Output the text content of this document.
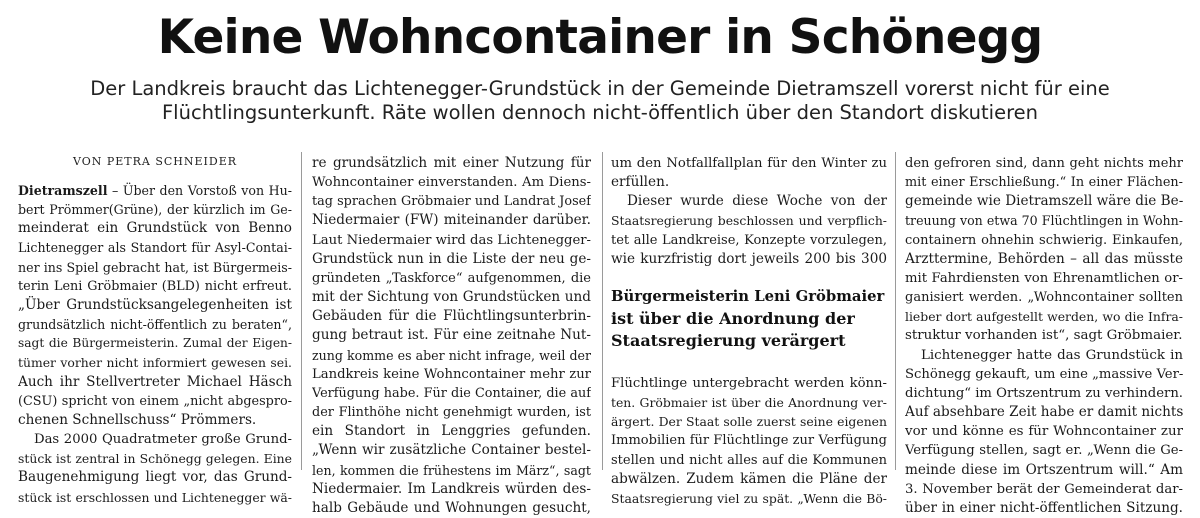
Keine Wohncontainer in Schönegg
Der Landkreis braucht das Lichtenegger-Grundstück in der Gemeinde Dietramszell vorerst nicht für eine
Flüchtlingsunterkunft. Räte wollen dennoch nicht-öffentlich über den Standort diskutieren
VON PETRA SCHNEIDER
Dietramszell – Über den Vorstoß von Hu-
bert Prömmer(Grüne), der kürzlich im Ge-
meinderat ein Grundstück von Benno
Lichtenegger als Standort für Asyl-Contai-
ner ins Spiel gebracht hat, ist Bürgermeis-
terin Leni Gröbmaier (BLD) nicht erfreut.
„Über Grundstücksangelegenheiten ist
grundsätzlich nicht-öffentlich zu beraten“,
sagt die Bürgermeisterin. Zumal der Eigen-
tümer vorher nicht informiert gewesen sei.
Auch ihr Stellvertreter Michael Häsch
(CSU) spricht von einem „nicht abgespro-
chenen Schnellschuss“ Prömmers.
Das 2000 Quadratmeter große Grund-
stück ist zentral in Schönegg gelegen. Eine
Baugenehmigung liegt vor, das Grund-
stück ist erschlossen und Lichtenegger wä-
re grundsätzlich mit einer Nutzung für
Wohncontainer einverstanden. Am Diens-
tag sprachen Gröbmaier und Landrat Josef
Niedermaier (FW) miteinander darüber.
Laut Niedermaier wird das Lichtenegger-
Grundstück nun in die Liste der neu ge-
gründeten „Taskforce“ aufgenommen, die
mit der Sichtung von Grundstücken und
Gebäuden für die Flüchtlingsunterbrin-
gung betraut ist. Für eine zeitnahe Nut-
zung komme es aber nicht infrage, weil der
Landkreis keine Wohncontainer mehr zur
Verfügung habe. Für die Container, die auf
der Flinthöhe nicht genehmigt wurden, ist
ein Standort in Lenggries gefunden.
„Wenn wir zusätzliche Container bestel-
len, kommen die frühestens im März“, sagt
Niedermaier. Im Landkreis würden des-
halb Gebäude und Wohnungen gesucht,
um den Notfallfallplan für den Winter zu
erfüllen.
Dieser wurde diese Woche von der
Staatsregierung beschlossen und verpflich-
tet alle Landkreise, Konzepte vorzulegen,
wie kurzfristig dort jeweils 200 bis 300
Bürgermeisterin Leni Gröbmaier
ist über die Anordnung der
Staatsregierung verärgert
Flüchtlinge untergebracht werden könn-
ten. Gröbmaier ist über die Anordnung ver-
ärgert. Der Staat solle zuerst seine eigenen
Immobilien für Flüchtlinge zur Verfügung
stellen und nicht alles auf die Kommunen
abwälzen. Zudem kämen die Pläne der
Staatsregierung viel zu spät. „Wenn die Bö-
den gefroren sind, dann geht nichts mehr
mit einer Erschließung.“ In einer Flächen-
gemeinde wie Dietramszell wäre die Be-
treuung von etwa 70 Flüchtlingen in Wohn-
containern ohnehin schwierig. Einkaufen,
Arzttermine, Behörden – all das müsste
mit Fahrdiensten von Ehrenamtlichen or-
ganisiert werden. „Wohncontainer sollten
lieber dort aufgestellt werden, wo die Infra-
struktur vorhanden ist“, sagt Gröbmaier.
Lichtenegger hatte das Grundstück in
Schönegg gekauft, um eine „massive Ver-
dichtung“ im Ortszentrum zu verhindern.
Auf absehbare Zeit habe er damit nichts
vor und könne es für Wohncontainer zur
Verfügung stellen, sagt er. „Wenn die Ge-
meinde diese im Ortszentrum will.“ Am
3. November berät der Gemeinderat dar-
über in einer nicht-öffentlichen Sitzung.
